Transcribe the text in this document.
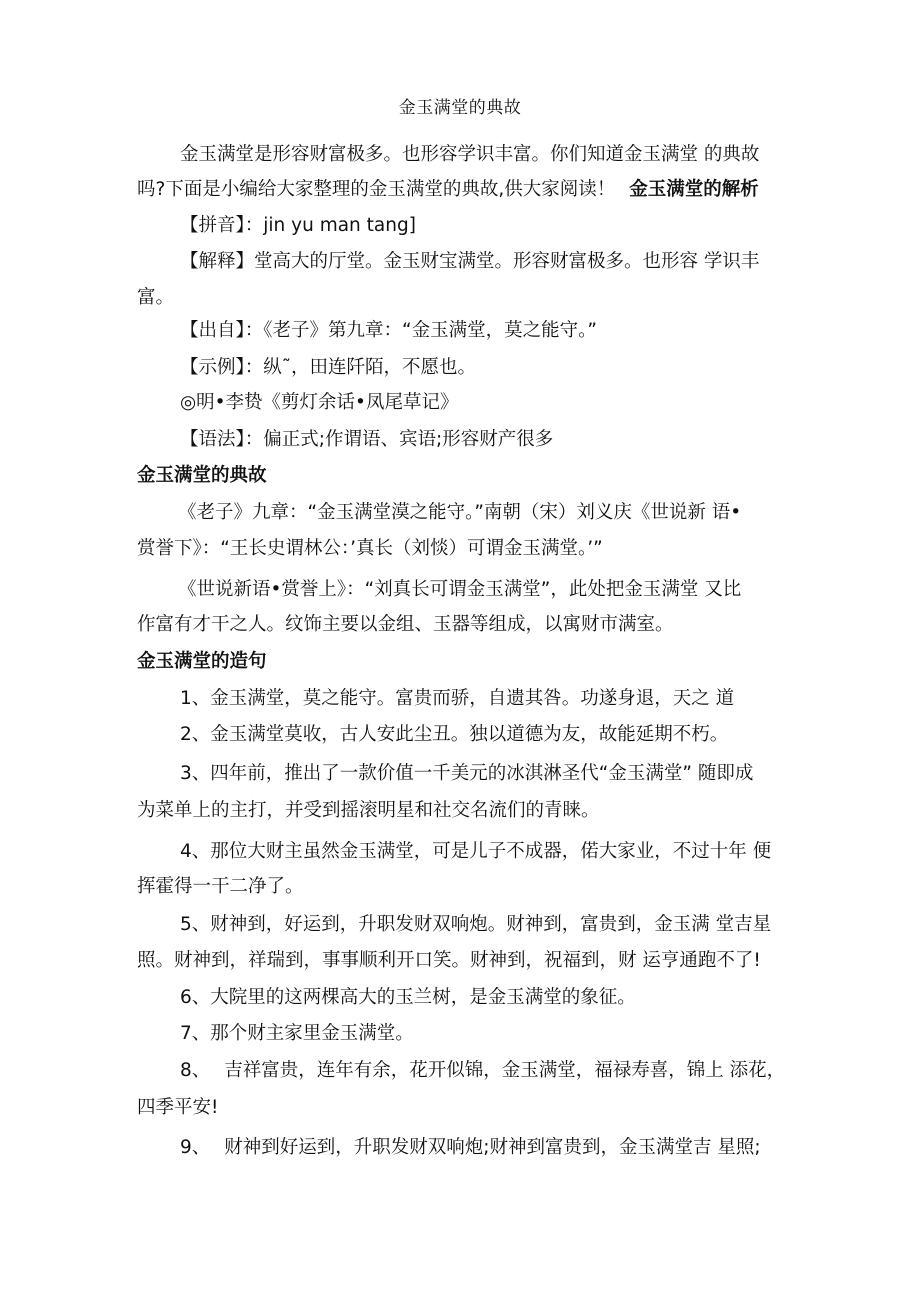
金玉满堂的典故
金玉满堂是形容财富极多。也形容学识丰富。你们知道金玉满堂 的典故
吗?下面是小编给大家整理的金玉满堂的典故,供大家阅读！ 金玉满堂的解析
【拼音】：jin yu man tang]
【解释】堂高大的厅堂。金玉财宝满堂。形容财富极多。也形容 学识丰
富。
【出自】：《老子》第九章：“金玉满堂，莫之能守。”
【示例】：纵˜，田连阡陌，不愿也。
◎明•李贽《剪灯余话•凤尾草记》
【语法】：偏正式;作谓语、宾语;形容财产很多
金玉满堂的典故
《老子》九章：“金玉满堂漠之能守。”南朝（宋）刘义庆《世说新 语•
赏誉下》：“王长史谓林公：’真长（刘惔）可谓金玉满堂。’”
《世说新语•赏誉上》：“刘真长可谓金玉满堂”，此处把金玉满堂 又比
作富有才干之人。纹饰主要以金组、玉器等组成，以寓财市满室。
金玉满堂的造句
1、金玉满堂，莫之能守。富贵而骄，自遗其咎。功遂身退，天之 道
2、金玉满堂莫收，古人安此尘丑。独以道德为友，故能延期不朽。
3、四年前，推出了一款价值一千美元的冰淇淋圣代“金玉满堂” 随即成
为菜单上的主打，并受到摇滚明星和社交名流们的青睐。
4、那位大财主虽然金玉满堂，可是儿子不成器，偌大家业，不过十年 便
挥霍得一干二净了。
5、财神到，好运到，升职发财双响炮。财神到，富贵到，金玉满 堂吉星
照。财神到，祥瑞到，事事顺利开口笑。财神到，祝福到，财 运亨通跑不了!
6、大院里的这两棵高大的玉兰树，是金玉满堂的象征。
7、那个财主家里金玉满堂。
8、 吉祥富贵，连年有余，花开似锦，金玉满堂，福禄寿喜，锦上 添花，
四季平安!
9、 财神到好运到，升职发财双响炮;财神到富贵到，金玉满堂吉 星照;
